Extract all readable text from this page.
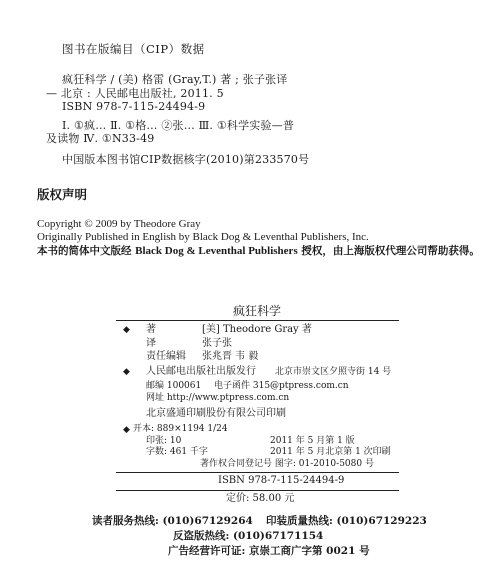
图书在版编目（CIP）数据
疯狂科学 / (美) 格雷 (Gray,T.) 著 ; 张子张译
— 北京 : 人民邮电出版社, 2011. 5
ISBN 978-7-115-24494-9
Ⅰ. ①疯… Ⅱ. ①格… ②张… Ⅲ. ①科学实验—普
及读物 Ⅳ. ①N33-49
中国版本图书馆CIP数据核字(2010)第233570号
版权声明
Copyright © 2009 by Theodore Gray
Originally Published in English by Black Dog & Leventhal Publishers, Inc.
本书的简体中文版经 Black Dog & Leventhal Publishers 授权，由上海版权代理公司帮助获得。
疯狂科学
◆ 著	[美] Theodore Gray 著
译	张子张
责任编辑 张兆晋 韦 毅
◆ 人民邮电出版社出版发行 北京市崇文区夕照寺街 14 号
邮编 100061 电子函件 315@ptpress.com.cn
网址 http://www.ptpress.com.cn
北京盛通印刷股份有限公司印刷
◆ 开本: 889×1194 1/24
印张: 10	2011 年 5 月第 1 版
字数: 461 千字	2011 年 5 月北京第 1 次印刷
著作权合同登记号 图字: 01-2010-5080 号
ISBN 978-7-115-24494-9
定价: 58.00 元
读者服务热线: (010)67129264 印装质量热线: (010)67129223
反盗版热线: (010)67171154
广告经营许可证: 京崇工商广字第 0021 号
